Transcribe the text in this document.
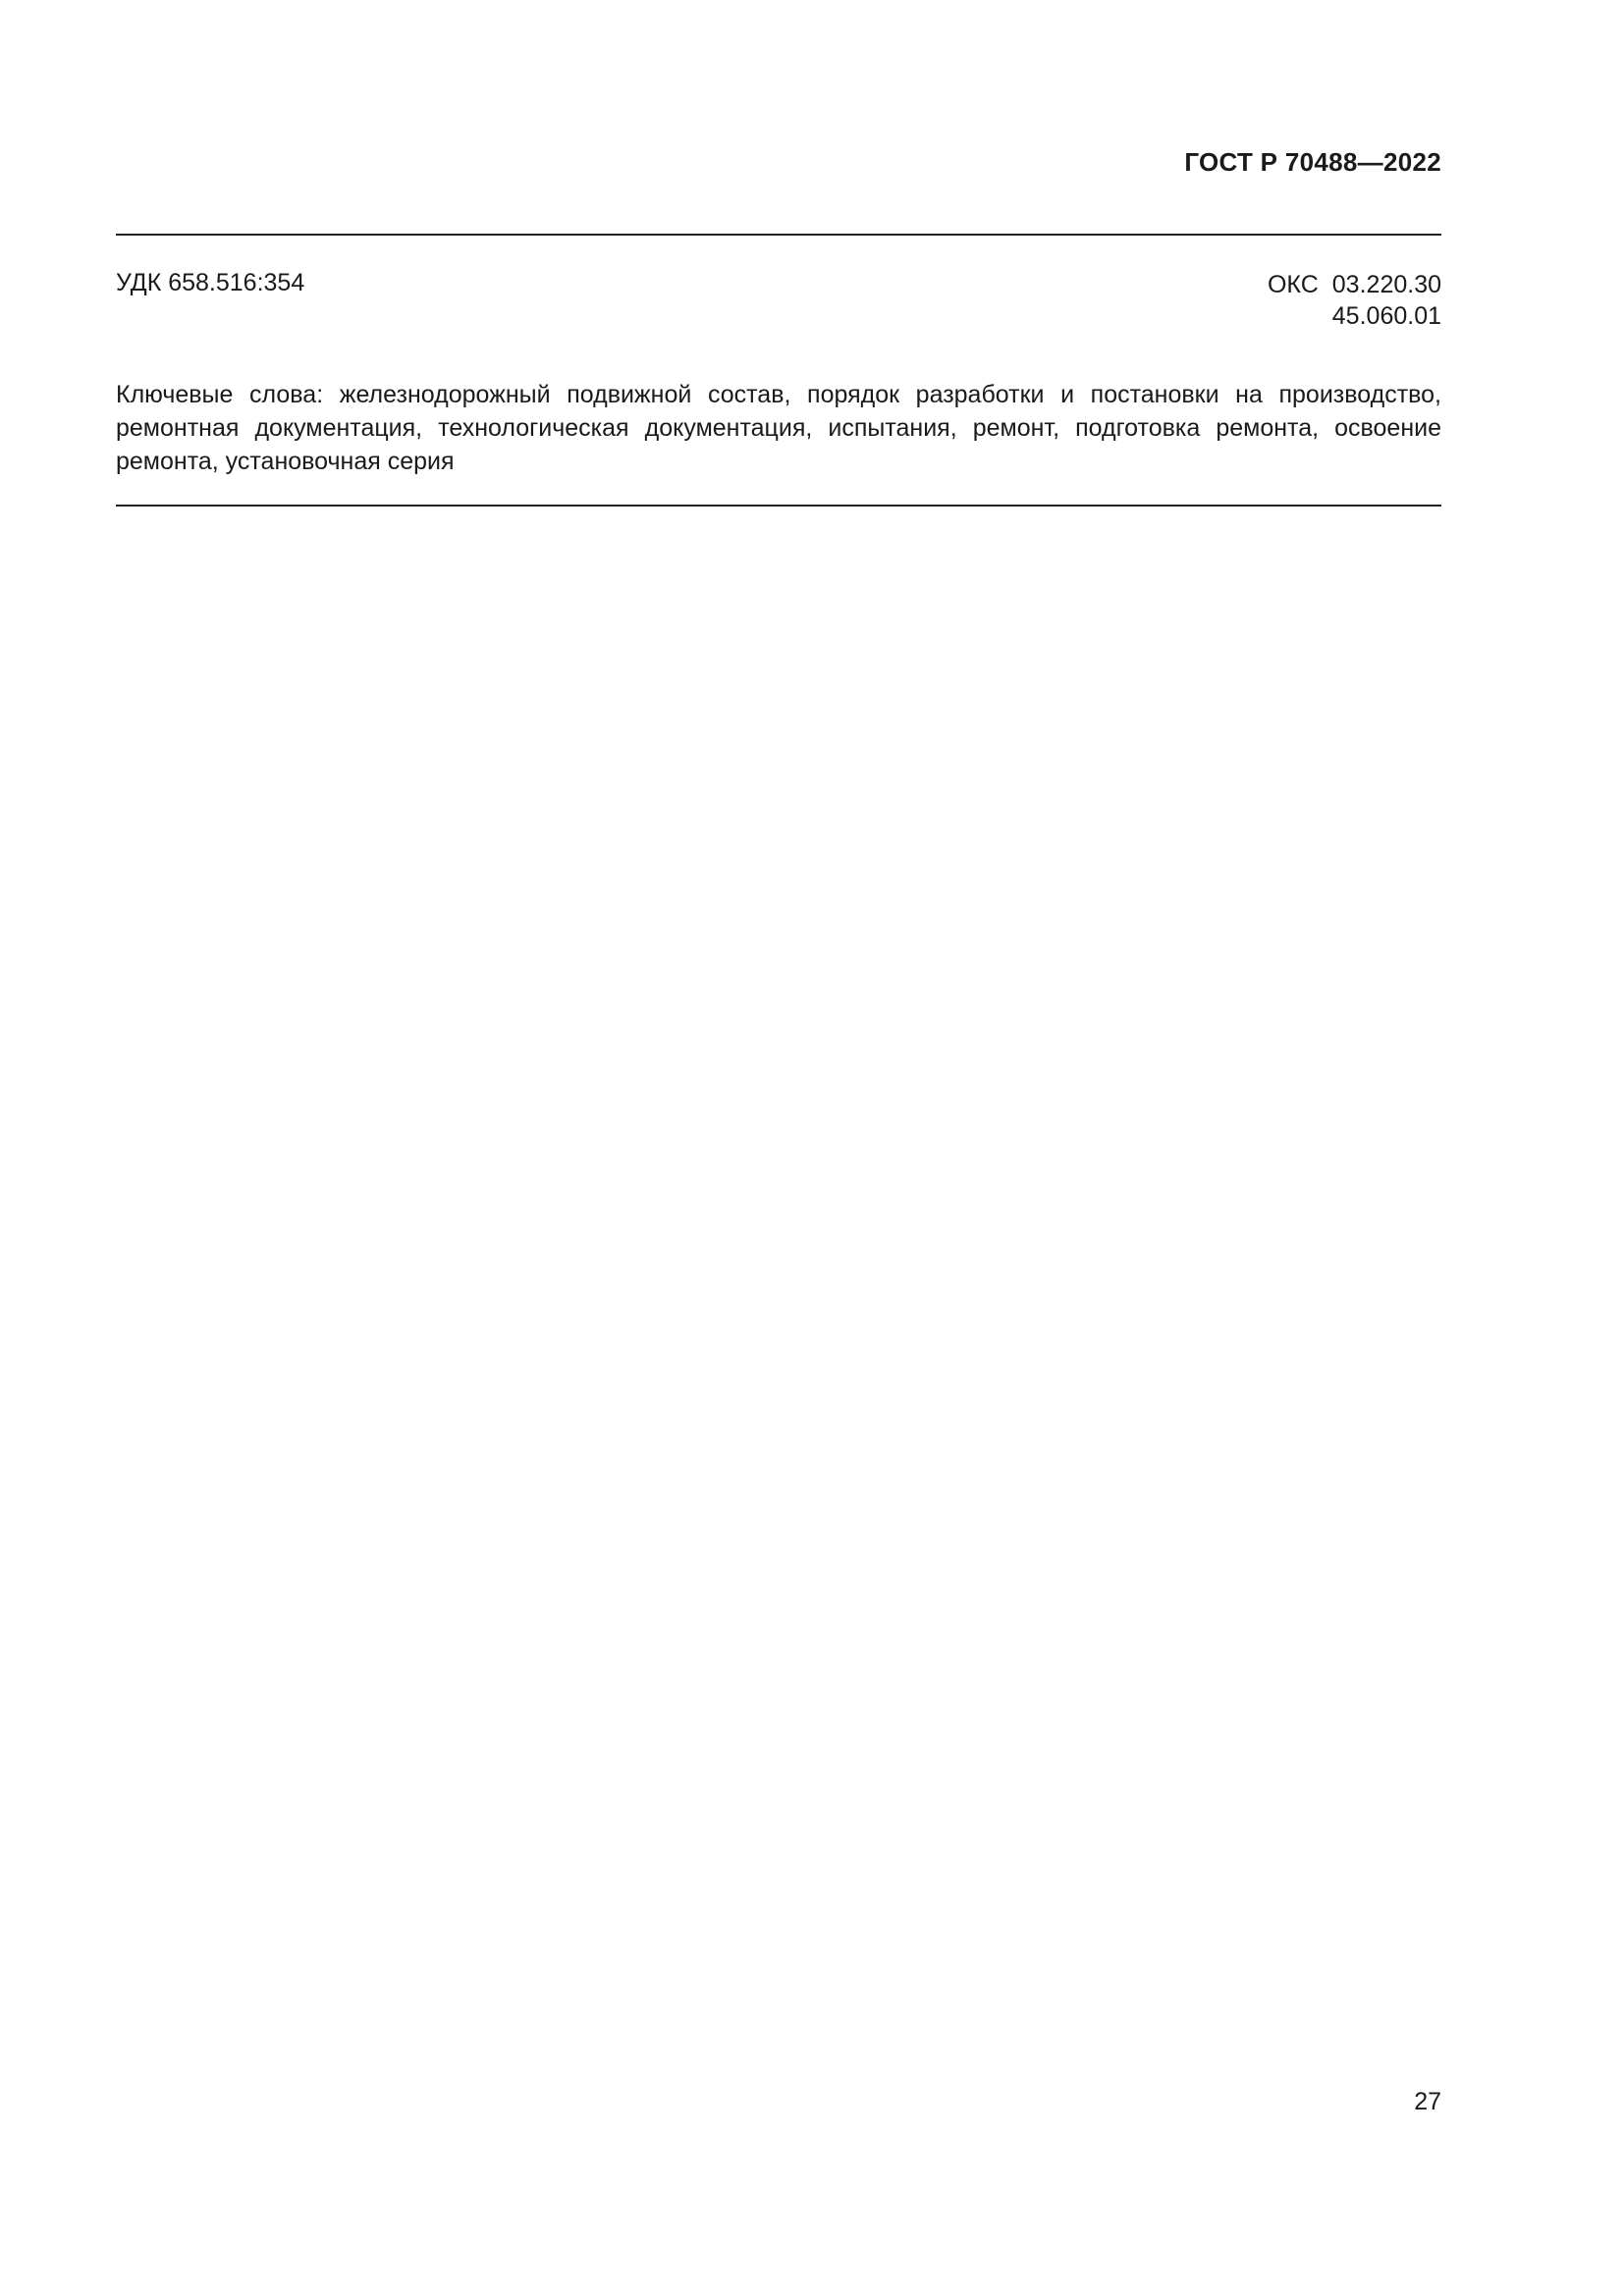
ГОСТ Р 70488—2022
УДК 658.516:354	ОКС 03.220.30
45.060.01
Ключевые слова: железнодорожный подвижной состав, порядок разработки и постановки на производство, ремонтная документация, технологическая документация, испытания, ремонт, подготовка ремонта, освоение ремонта, установочная серия
27
